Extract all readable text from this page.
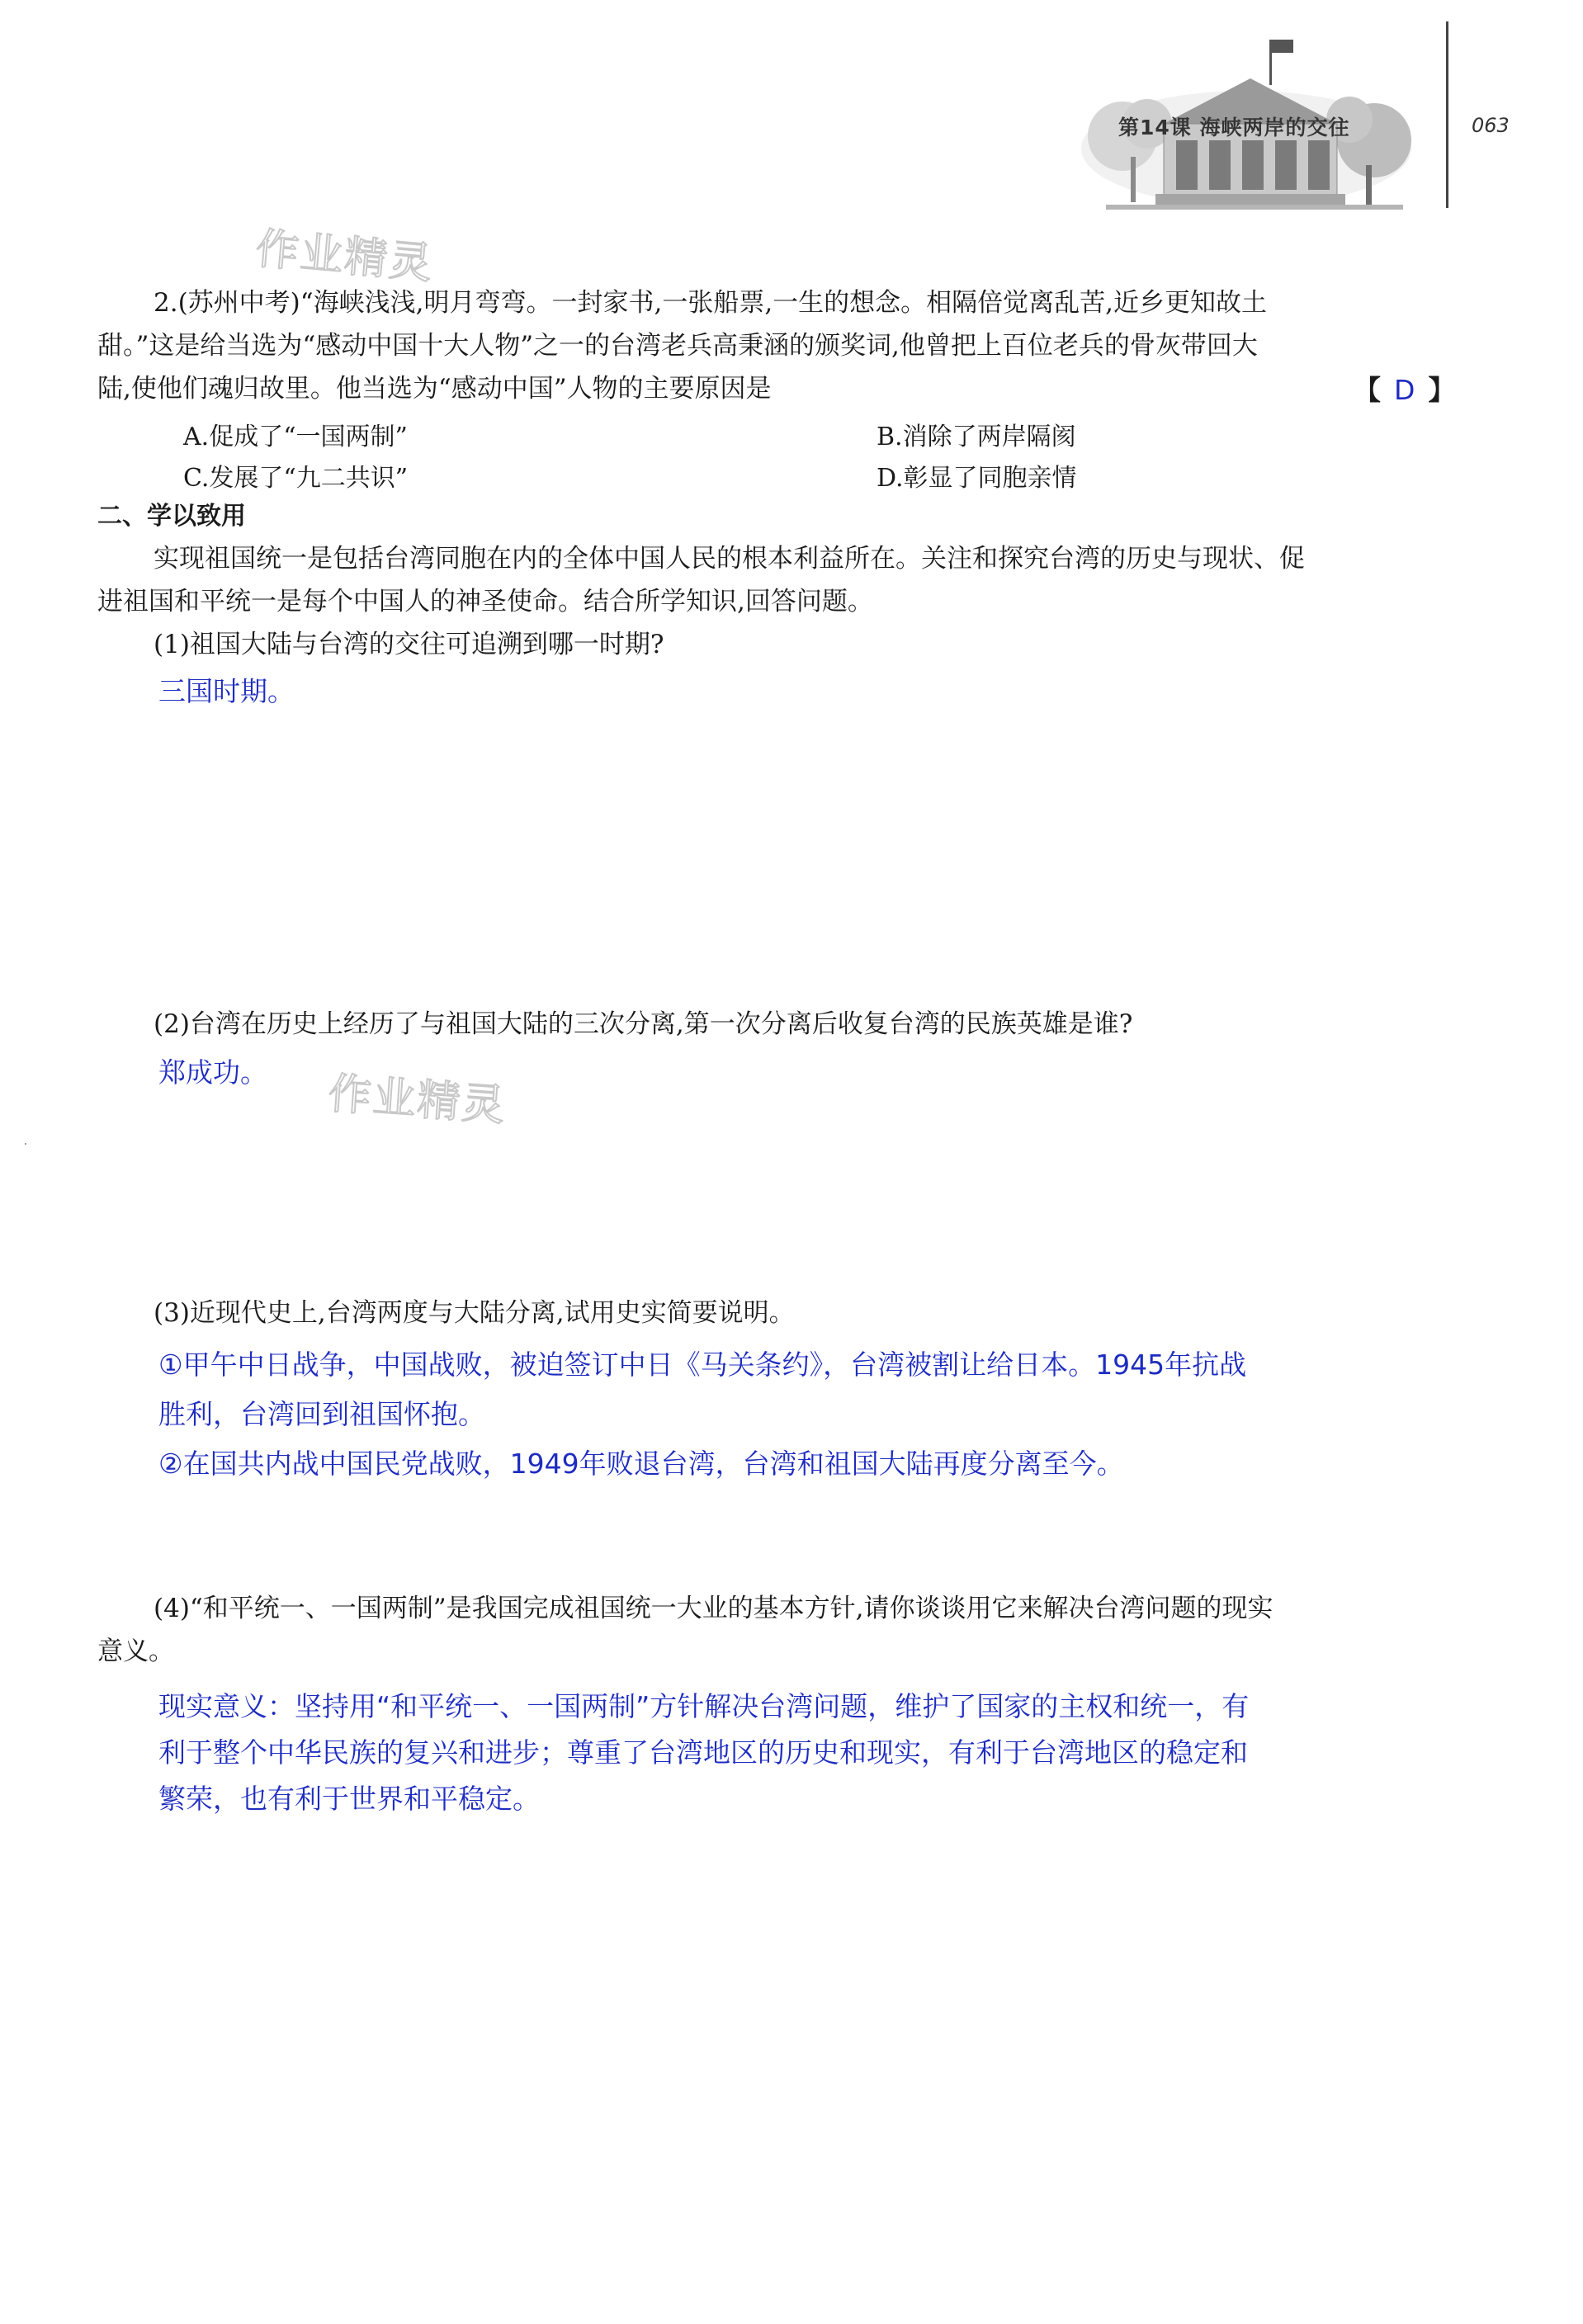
第14课 海峡两岸的交往	063
作业精灵
作业精灵
2.(苏州中考)“海峡浅浅,明月弯弯。一封家书,一张船票,一生的想念。相隔倍觉离乱苦,近乡更知故土
甜。”这是给当选为“感动中国十大人物”之一的台湾老兵高秉涵的颁奖词,他曾把上百位老兵的骨灰带回大
陆,使他们魂归故里。他当选为“感动中国”人物的主要原因是	【 D 】
A.促成了“一国两制”	B.消除了两岸隔阂
C.发展了“九二共识”	D.彰显了同胞亲情
二、学以致用
实现祖国统一是包括台湾同胞在内的全体中国人民的根本利益所在。关注和探究台湾的历史与现状、促
进祖国和平统一是每个中国人的神圣使命。结合所学知识,回答问题。
(1)祖国大陆与台湾的交往可追溯到哪一时期?
三国时期。
(2)台湾在历史上经历了与祖国大陆的三次分离,第一次分离后收复台湾的民族英雄是谁?
郑成功。
(3)近现代史上,台湾两度与大陆分离,试用史实简要说明。
①甲午中日战争，中国战败，被迫签订中日《马关条约》，台湾被割让给日本。1945年抗战
胜利，台湾回到祖国怀抱。
②在国共内战中国民党战败，1949年败退台湾，台湾和祖国大陆再度分离至今。
(4)“和平统一、一国两制”是我国完成祖国统一大业的基本方针,请你谈谈用它来解决台湾问题的现实
意义。
现实意义：坚持用“和平统一、一国两制”方针解决台湾问题，维护了国家的主权和统一，有
利于整个中华民族的复兴和进步；尊重了台湾地区的历史和现实，有利于台湾地区的稳定和
繁荣，也有利于世界和平稳定。
